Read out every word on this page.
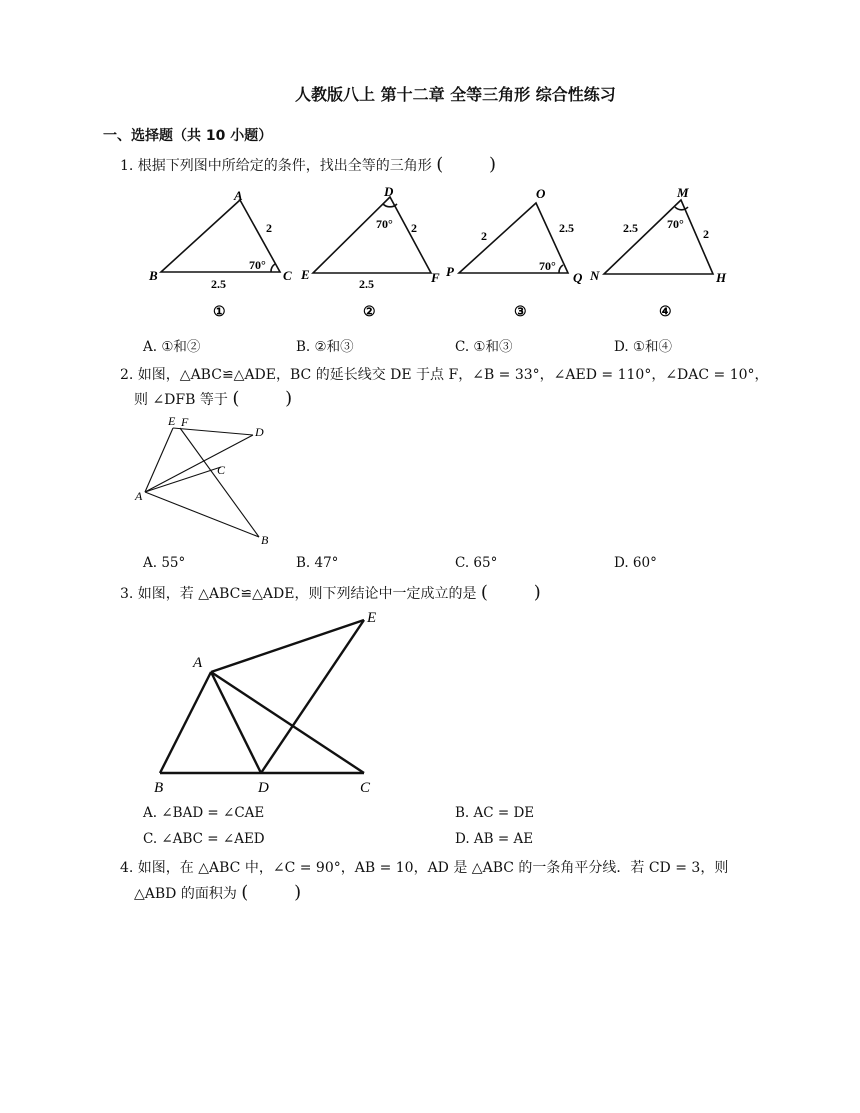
人教版八上 第十二章 全等三角形 综合性练习
一、选择题（共 10 小题）
1. 根据下列图中所给定的条件，找出全等的三角形 (        )
A
B	C
2
2.5
70°
①
D
E	F
70° 2
2.5
②
O
P	Q
2
2.5
70°
③
M
N	H
70°
2.5	2
④
A. ①和②	B. ②和③	C. ①和③	D. ①和④
2. 如图，△ABC≌△ADE，BC 的延长线交 DE 于点 F，∠B = 33°，∠AED = 110°，∠DAC = 10°，
则 ∠DFB 等于 (        )
E F
D
C
A
B
A. 55°	B. 47°	C. 65°	D. 60°
3. 如图，若 △ABC≌△ADE，则下列结论中一定成立的是 (        )
A
E
B	D	C
A. ∠BAD = ∠CAE	B. AC = DE
C. ∠ABC = ∠AED	D. AB = AE
4. 如图，在 △ABC 中，∠C = 90°，AB = 10，AD 是 △ABC 的一条角平分线．若 CD = 3，则
△ABD 的面积为 (        )
